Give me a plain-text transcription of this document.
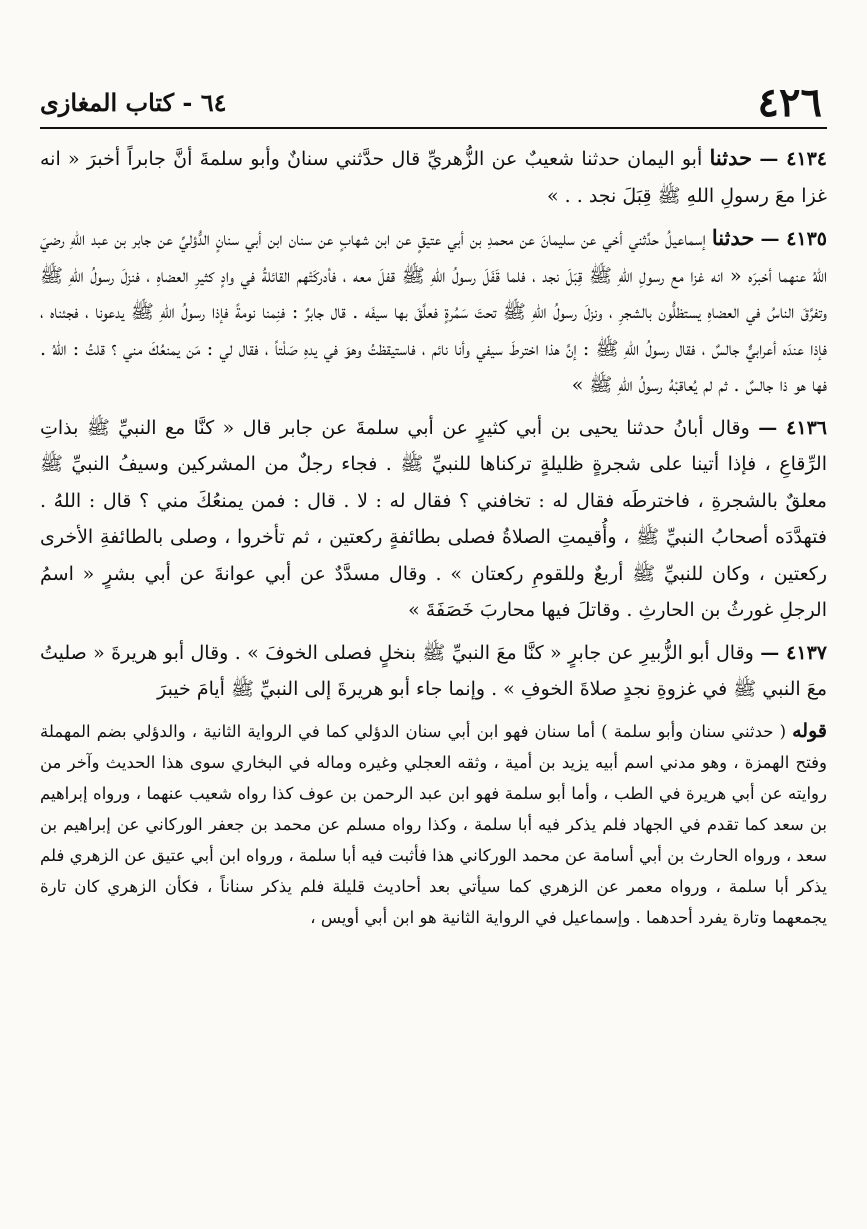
٤٢٦
٦٤ - كتاب المغازى

٤١٣٤ — حدثنا أبو اليمان حدثنا شعيبٌ عن الزُّهريِّ قال حدَّثني سنانٌ وأبو سلمةَ أنَّ جابراً أخبرَ « انه غزا معَ رسولِ اللهِ ﷺ قِبَلَ نجد . . »

٤١٣٥ — حدثنا إسماعيلُ حدَّثني أخي عن سليمانَ عن محمدِ بن أبي عتيقٍ عن ابن شهابٍ عن سنان ابن أبي سنانٍ الدُّؤليِّ عن جابر بن عبد اللهِ رضيَ اللهُ عنهما أخبرَه « انه غزا مع رسولِ اللهِ ﷺ قِبَلَ نجد ، فلما قَفَلَ رسولُ اللهِ ﷺ قفلَ معه ، فأدركَتْهم القائلةُ في وادٍ كثيرِ العضاهِ ، فنزلَ رسولُ اللهِ ﷺ وتفرَّقَ الناسُ في العضاهِ يستظلُّون بالشجرِ ، ونزلَ رسولُ اللهِ ﷺ تحتَ سَمُرةٍ فعلَّقَ بها سيفَه . قال جابرٌ : فنِمنا نومةً فإذا رسولُ اللهِ ﷺ يدعونا ، فجئناه ، فإذا عندَه أعرابيٌّ جالسٌ ، فقال رسولُ اللهِ ﷺ : إنَّ هذا اخترطَ سيفي وأنا نائم ، فاستيقظتُ وهوَ في يدهِ صَلْتاً ، فقال لي : مَن يمنعُكَ مني ؟ قلتُ : اللهُ . فها هو ذا جالسٌ . ثم لم يُعاقبْهُ رسولُ اللهِ ﷺ »

٤١٣٦ — وقال أبانُ حدثنا يحيى بن أبي كثيرٍ عن أبي سلمةَ عن جابر قال « كنَّا مع النبيِّ ﷺ بذاتِ الرِّقاعِ ، فإذا أتينا على شجرةٍ ظليلةٍ تركناها للنبيِّ ﷺ . فجاء رجلٌ من المشركين وسيفُ النبيِّ ﷺ معلقٌ بالشجرةِ ، فاخترطَه فقال له : تخافني ؟ فقال له : لا . قال : فمن يمنعُكَ مني ؟ قال : اللهُ . فتهدَّدَه أصحابُ النبيِّ ﷺ ، وأُقيمتِ الصلاةُ فصلى بطائفةٍ ركعتين ، ثم تأخروا ، وصلى بالطائفةِ الأخرى ركعتين ، وكان للنبيِّ ﷺ أربعٌ وللقومِ ركعتان » . وقال مسدَّدٌ عن أبي عوانةَ عن أبي بشرٍ « اسمُ الرجلِ غورثُ بن الحارثِ . وقاتلَ فيها محاربَ خَصَفَةَ »

٤١٣٧ — وقال أبو الزُّبيرِ عن جابرٍ « كنَّا معَ النبيِّ ﷺ بنخلٍ فصلى الخوفَ » . وقال أبو هريرةَ « صليتُ معَ النبي ﷺ في غزوةِ نجدٍ صلاةَ الخوفِ » . وإنما جاء أبو هريرةَ إلى النبيِّ ﷺ أيامَ خيبرَ

قوله ( حدثني سنان وأبو سلمة ) أما سنان فهو ابن أبي سنان الدؤلي كما في الرواية الثانية ، والدؤلي بضم المهملة وفتح الهمزة ، وهو مدني اسم أبيه يزيد بن أمية ، وثقه العجلي وغيره وماله في البخاري سوى هذا الحديث وآخر من روايته عن أبي هريرة في الطب ، وأما أبو سلمة فهو ابن عبد الرحمن بن عوف كذا رواه شعيب عنهما ، ورواه إبراهيم بن سعد كما تقدم في الجهاد فلم يذكر فيه أبا سلمة ، وكذا رواه مسلم عن محمد بن جعفر الوركاني عن إبراهيم بن سعد ، ورواه الحارث بن أبي أسامة عن محمد الوركاني هذا فأثبت فيه أبا سلمة ، ورواه ابن أبي عتيق عن الزهري فلم يذكر أبا سلمة ، ورواه معمر عن الزهري كما سيأتي بعد أحاديث قليلة فلم يذكر سناناً ، فكأن الزهري كان تارة يجمعهما وتارة يفرد أحدهما . وإسماعيل في الرواية الثانية هو ابن أبي أويس ،
